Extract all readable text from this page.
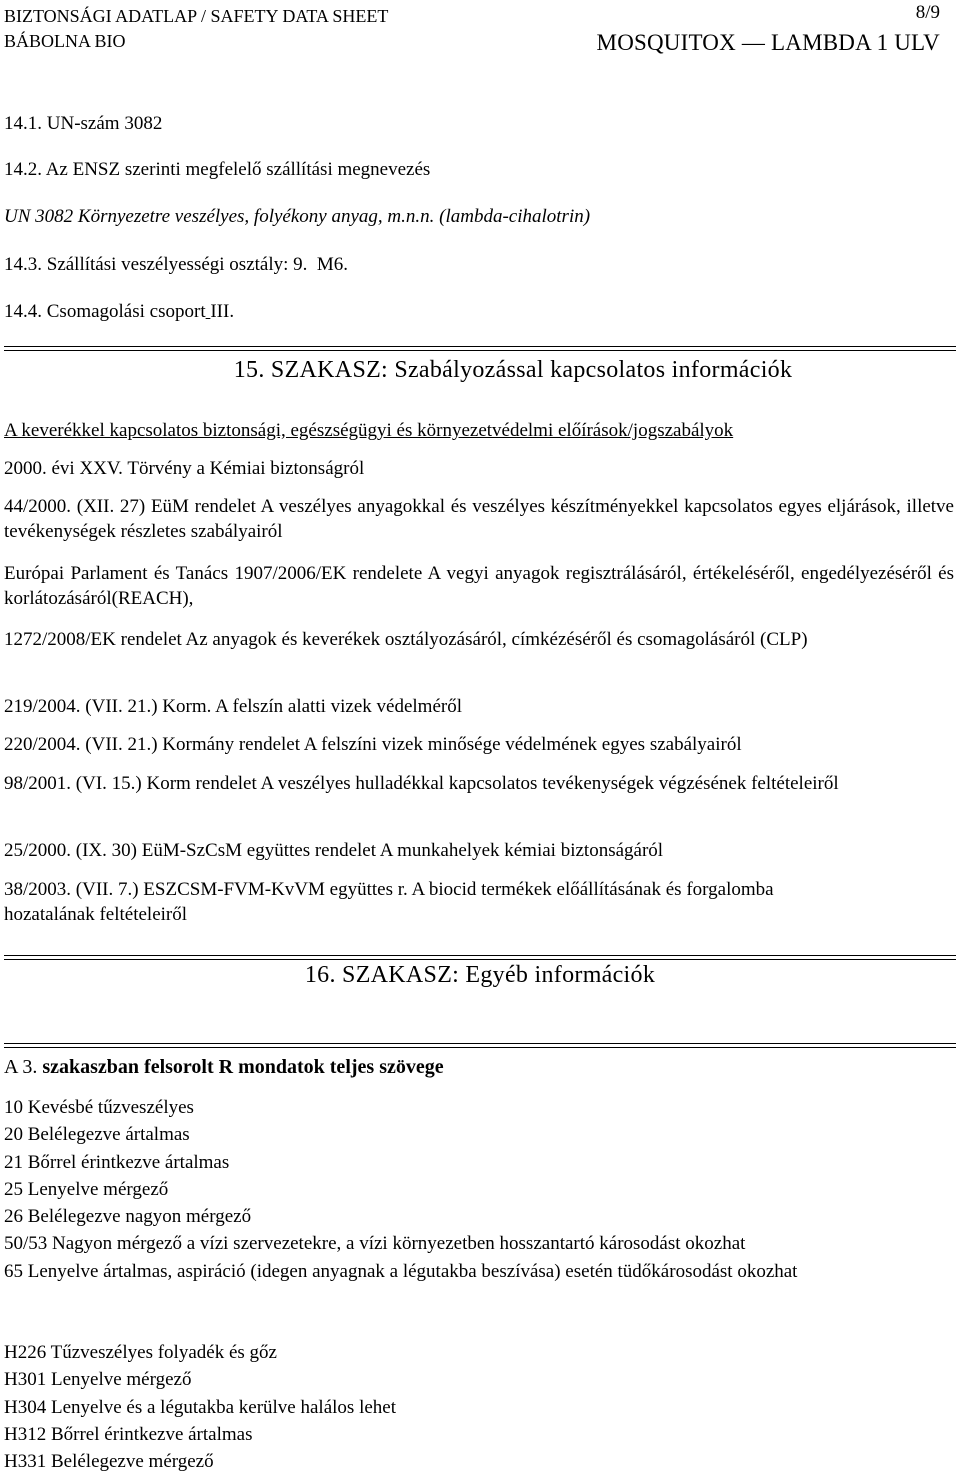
BIZTONSÁGI ADATLAP / SAFETY DATA SHEET
BÁBOLNA BIO
8/9
MOSQUITOX — LAMBDA 1 ULV
14.1. UN-szám 3082
14.2. Az ENSZ szerinti megfelelő szállítási megnevezés
UN 3082 Környezetre veszélyes, folyékony anyag, m.n.n. (lambda-cihalotrin)
14.3. Szállítási veszélyességi osztály: 9. M6.
14.4. Csomagolási csoport III.
15. SZAKASZ: Szabályozással kapcsolatos információk
A keverékkel kapcsolatos biztonsági, egészségügyi és környezetvédelmi előírások/jogszabályok
2000. évi XXV. Törvény a Kémiai biztonságról
44/2000. (XII. 27) EüM rendelet A veszélyes anyagokkal és veszélyes készítményekkel kapcsolatos egyes eljárások, illetve tevékenységek részletes szabályairól
Európai Parlament és Tanács 1907/2006/EK rendelete A vegyi anyagok regisztrálásáról, értékeléséről, engedélyezéséről és korlátozásáról(REACH),
1272/2008/EK rendelet Az anyagok és keverékek osztályozásáról, címkézéséről és csomagolásáról (CLP)
219/2004. (VII. 21.) Korm. A felszín alatti vizek védelméről
220/2004. (VII. 21.) Kormány rendelet A felszíni vizek minősége védelmének egyes szabályairól
98/2001. (VI. 15.) Korm rendelet A veszélyes hulladékkal kapcsolatos tevékenységek végzésének feltételeiről
25/2000. (IX. 30) EüM-SzCsM együttes rendelet A munkahelyek kémiai biztonságáról
38/2003. (VII. 7.) ESZCSM-FVM-KvVM együttes r. A biocid termékek előállításának és forgalomba hozatalának feltételeiről
16. SZAKASZ: Egyéb információk
A 3. szakaszban felsorolt R mondatok teljes szövege
10 Kevésbé tűzveszélyes
20 Belélegezve ártalmas
21 Bőrrel érintkezve ártalmas
25 Lenyelve mérgező
26 Belélegezve nagyon mérgező
50/53 Nagyon mérgező a vízi szervezetekre, a vízi környezetben hosszantartó károsodást okozhat
65 Lenyelve ártalmas, aspiráció (idegen anyagnak a légutakba beszívása) esetén tüdőkárosodást okozhat
H226 Tűzveszélyes folyadék és gőz
H301 Lenyelve mérgező
H304 Lenyelve és a légutakba kerülve halálos lehet
H312 Bőrrel érintkezve ártalmas
H331 Belélegezve mérgező
